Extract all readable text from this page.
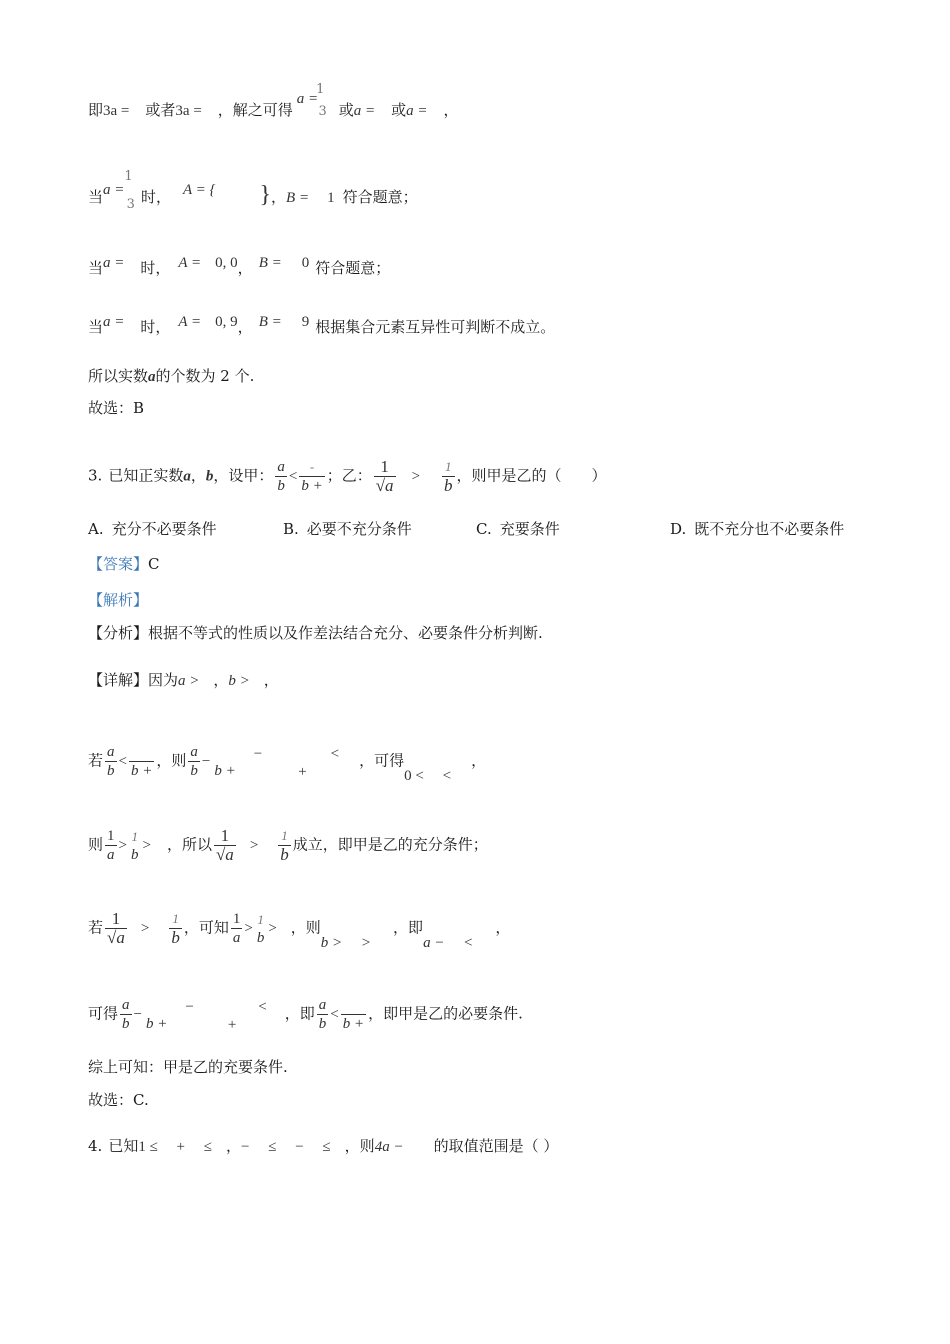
即3a = 或者3a = ，解之可得
a =
13 或a = 或a = ，
当a =13 时， A = { }，B = 1 符合题意；
当a = 时， A = 0, 0， B = 0 符合题意；
当a = 时， A = 0, 9， B = 9 根据集合元素互异性可判断不成立。
所以实数a的个数为 2 个.
故选：B
3. 已知正实数a，b，设甲： $\frac{a}{b} < \frac{-}{b +}$ ；乙： $\frac{1}{√a} > \frac{1}{b}$ ，则甲是乙的（　　）
A. 充分不必要条件	B. 必要不充分条件	C. 充要条件	D. 既不充分也不必要条件
【答案】C
【解析】
【分析】根据不等式的性质以及作差法结合充分、必要条件分析判断.
【详解】因为a > ，b > ，
若 $\frac{a}{b}$ <

b +
，则 $\frac{a}{b}$ −

b +
−+< ，可得0 <　 <，
则 $\frac{1}{a}$ >
1
b
> ，所以 $\frac{1}{√a} > \frac{1}{b}$ 成立，即甲是乙的充分条件；
若 $\frac{1}{√a} > \frac{1}{b}$ ，可知 $\frac{1}{a}$ >
1
b
> ，则b >　 >，即a −　 <，
可得 $\frac{a}{b}$ −

b +
−+< ，即 $\frac{a}{b}$ <

b +
，即甲是乙的必要条件.
综上可知：甲是乙的充要条件.
故选：C.
4. 已知1 ≤　 +　 ≤ ，−　 ≤　 −　 ≤ ，则4a − 的取值范围是（ ）
